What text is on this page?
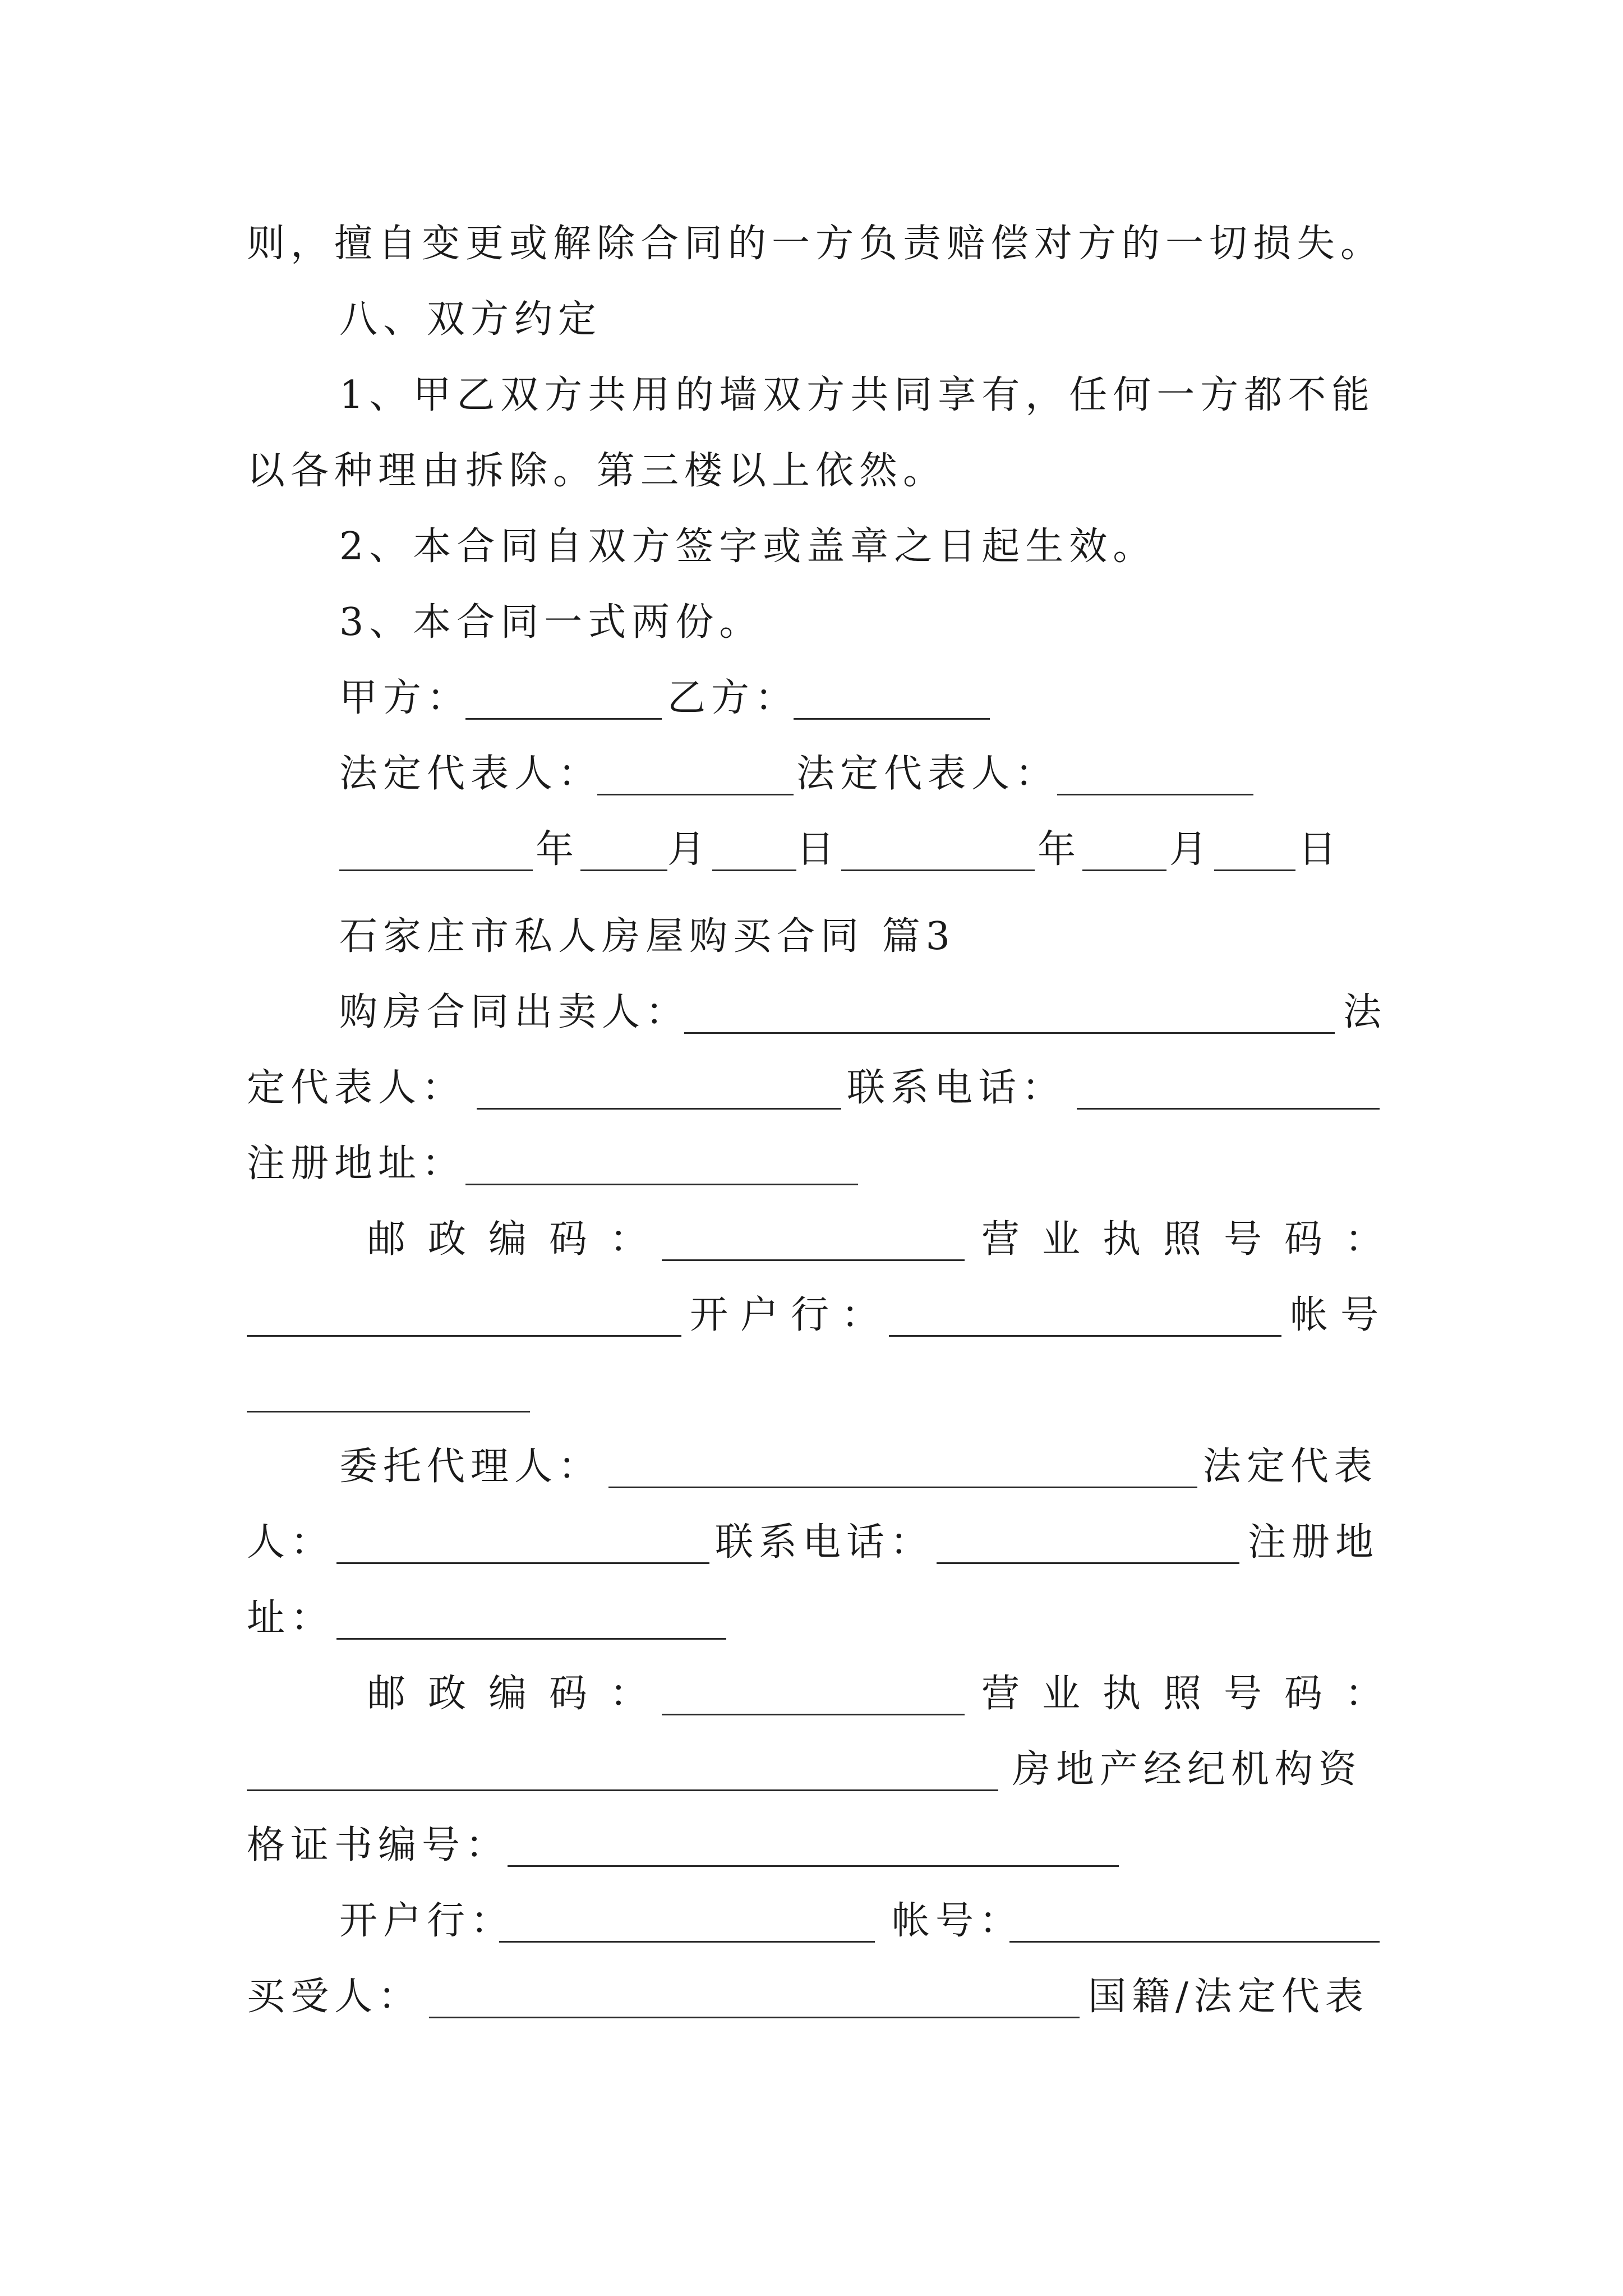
则，擅自变更或解除合同的一方负责赔偿对方的一切损失。
八、双方约定
1、甲乙双方共用的墙双方共同享有，任何一方都不能
以各种理由拆除。第三楼以上依然。
2、本合同自双方签字或盖章之日起生效。
3、本合同一式两份。
甲方：	乙方：
法定代表人：	法定代表人：
年 月 日	年 月 日
石家庄市私人房屋购买合同 篇3
购房合同出卖人：	法
定代表人：	联系电话：
注册地址：
邮政编码：	营业执照号码：
开户行：	帐号
委托代理人：	法定代表
人：	联系电话：	注册地
址：
邮政编码：	营业执照号码：
房地产经纪机构资
格证书编号：
开户行：	帐号：
买受人：	国籍/法定代表
